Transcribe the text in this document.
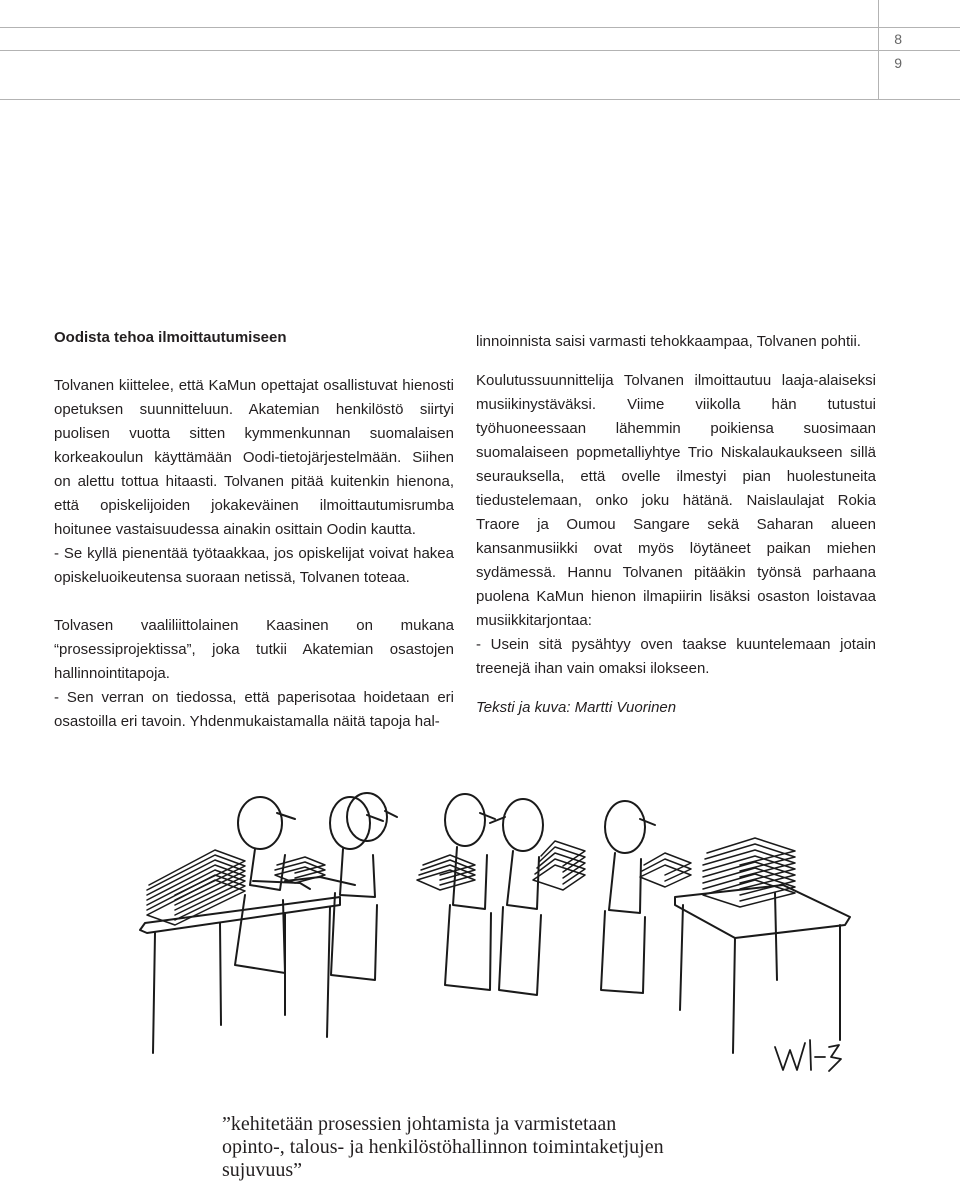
8
9
Oodista tehoa ilmoittautumiseen

Tolvanen kiittelee, että KaMun opettajat osallistuvat hienosti opetuksen suunnitteluun. Akatemian henkilöstö siirtyi puolisen vuotta sitten kymmenkunnan suomalaisen korkeakoulun käyttämään Oodi-tietojärjestelmään. Siihen on alettu tottua hitaasti. Tolvanen pitää kuitenkin hienona, että opiskelijoiden jokakeväinen ilmoittautumisrumba hoitunee vastaisuudessa ainakin osittain Oodin kautta.

- Se kyllä pienentää työtaakkaa, jos opiskelijat voivat hakea opiskeluoikeutensa suoraan netissä, Tolvanen toteaa.

Tolvasen vaaliliittolainen Kaasinen on mukana “prosessiprojektissa”, joka tutkii Akatemian osastojen hallinnointitapoja.

- Sen verran on tiedossa, että paperisotaa hoidetaan eri osastoilla eri tavoin. Yhdenmukaistamalla näitä tapoja hal-

linnoinnista saisi varmasti tehokkaampaa, Tolvanen pohtii.

Koulutussuunnittelija Tolvanen ilmoittautuu laaja-alaiseksi musiikinystäväksi. Viime viikolla hän tutustui työhuoneessaan lähemmin poikiensa suosimaan suomalaiseen popmetalliyhtye Trio Niskalaukaukseen sillä seurauksella, että ovelle ilmestyi pian huolestuneita tiedustelemaan, onko joku hätänä. Naislaulajat Rokia Traore ja Oumou Sangare sekä Saharan alueen kansanmusiikki ovat myös löytäneet paikan miehen sydämessä. Hannu Tolvanen pitääkin työnsä parhaana puolena KaMun hienon ilmapiirin lisäksi osaston loistavaa musiikkitarjontaa:

- Usein sitä pysähtyy oven taakse kuuntelemaan jotain treenejä ihan vain omaksi ilokseen.

Teksti ja kuva: Martti Vuorinen

”kehitetään prosessien johtamista ja varmistetaan
opinto-, talous- ja henkilöstöhallinnon toimintaketjujen
sujuvuus”
